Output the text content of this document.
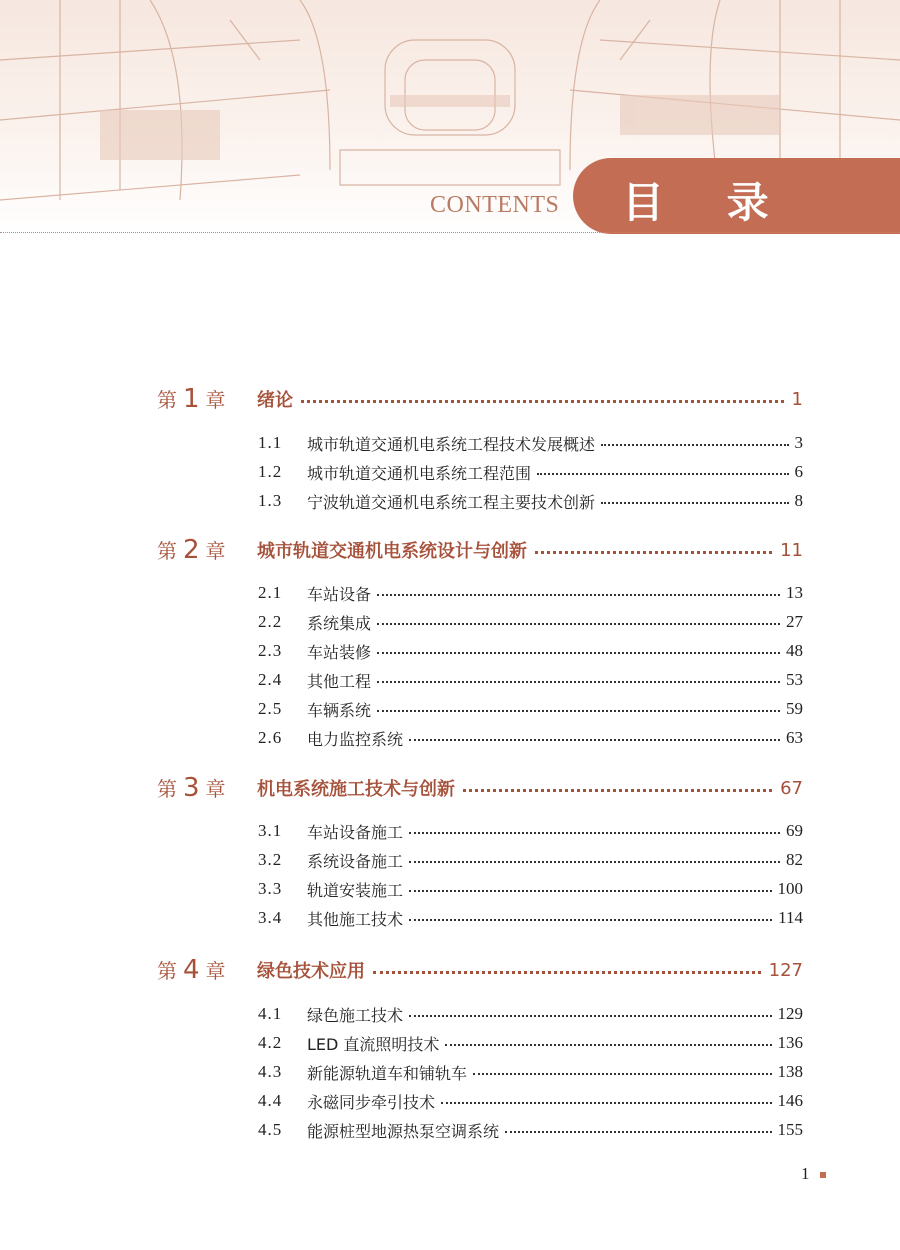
CONTENTS 目 录
第 1 章	绪论	1
1.1	城市轨道交通机电系统工程技术发展概述	3
1.2	城市轨道交通机电系统工程范围	6
1.3	宁波轨道交通机电系统工程主要技术创新	8
第 2 章	城市轨道交通机电系统设计与创新	11
2.1	车站设备	13
2.2	系统集成	27
2.3	车站装修	48
2.4	其他工程	53
2.5	车辆系统	59
2.6	电力监控系统	63
第 3 章	机电系统施工技术与创新	67
3.1	车站设备施工	69
3.2	系统设备施工	82
3.3	轨道安装施工	100
3.4	其他施工技术	114
第 4 章	绿色技术应用	127
4.1	绿色施工技术	129
4.2	LED 直流照明技术	136
4.3	新能源轨道车和铺轨车	138
4.4	永磁同步牵引技术	146
4.5	能源桩型地源热泵空调系统	155
1
